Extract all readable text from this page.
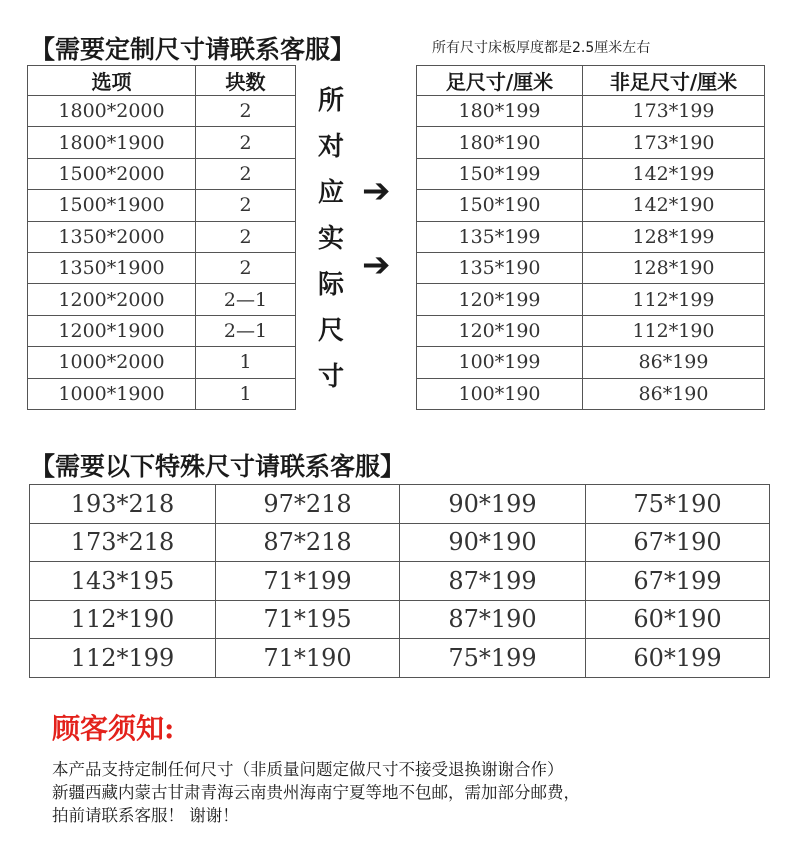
【需要定制尺寸请联系客服】	所有尺寸床板厚度都是2.5厘米左右
选项	块数
1800*2000	2
1800*1900	2
1500*2000	2
1500*1900	2
1350*2000	2
1350*1900	2
1200*2000	2—1
1200*1900	2—1
1000*2000	1
1000*1900	1
所
对
应
实
际
尺
寸
➔
➔
足尺寸/厘米	非足尺寸/厘米
180*199	173*199
180*190	173*190
150*199	142*199
150*190	142*190
135*199	128*199
135*190	128*190
120*199	112*199
120*190	112*190
100*199	86*199
100*190	86*190
【需要以下特殊尺寸请联系客服】
193*218	97*218	90*199	75*190
173*218	87*218	90*190	67*190
143*195	71*199	87*199	67*199
112*190	71*195	87*190	60*190
112*199	71*190	75*199	60*199
顾客须知:
本产品支持定制任何尺寸（非质量问题定做尺寸不接受退换谢谢合作）
新疆西藏内蒙古甘肃青海云南贵州海南宁夏等地不包邮，需加部分邮费，
拍前请联系客服！ 谢谢！
